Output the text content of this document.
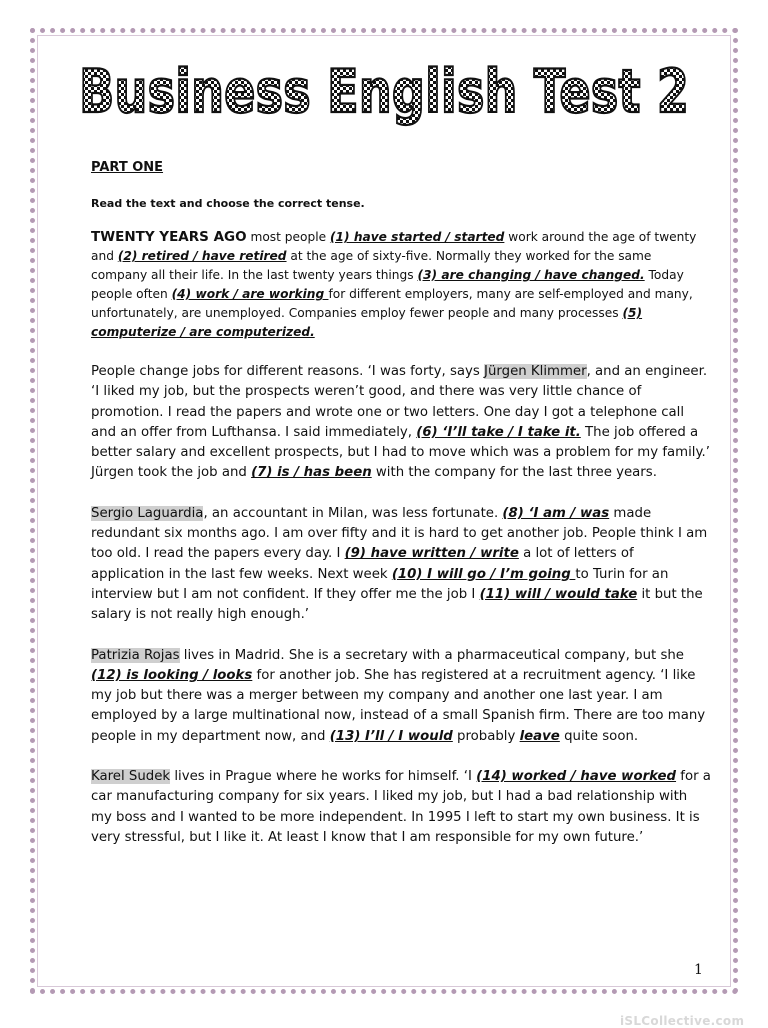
Business English Test 2
PART ONE
Read the text and choose the correct tense.

TWENTY YEARS AGO most people (1) have started / started work around the age of twenty and (2) retired / have retired at the age of sixty-five. Normally they worked for the same company all their life. In the last twenty years things (3) are changing / have changed. Today people often (4) work / are working for different employers, many are self-employed and many, unfortunately, are unemployed. Companies employ fewer people and many processes (5) computerize / are computerized.

People change jobs for different reasons. ‘I was forty, says Jürgen Klimmer, and an engineer. ‘I liked my job, but the prospects weren’t good, and there was very little chance of promotion. I read the papers and wrote one or two letters. One day I got a telephone call and an offer from Lufthansa. I said immediately, (6) ‘I’ll take / I take it. The job offered a better salary and excellent prospects, but I had to move which was a problem for my family.’ Jürgen took the job and (7) is / has been with the company for the last three years.

Sergio Laguardia, an accountant in Milan, was less fortunate. (8) ‘I am / was made redundant six months ago. I am over fifty and it is hard to get another job. People think I am too old. I read the papers every day. I (9) have written / write a lot of letters of application in the last few weeks. Next week (10) I will go / I’m going to Turin for an interview but I am not confident. If they offer me the job I (11) will / would take it but the salary is not really high enough.’

Patrizia Rojas lives in Madrid. She is a secretary with a pharmaceutical company, but she (12) is looking / looks for another job. She has registered at a recruitment agency. ‘I like my job but there was a merger between my company and another one last year. I am employed by a large multinational now, instead of a small Spanish firm. There are too many people in my department now, and (13) I’ll / I would probably leave quite soon.

Karel Sudek lives in Prague where he works for himself. ‘I (14) worked / have worked for a car manufacturing company for six years. I liked my job, but I had a bad relationship with my boss and I wanted to be more independent. In 1995 I left to start my own business. It is very stressful, but I like it. At least I know that I am responsible for my own future.’

1
iSLCollective.com
